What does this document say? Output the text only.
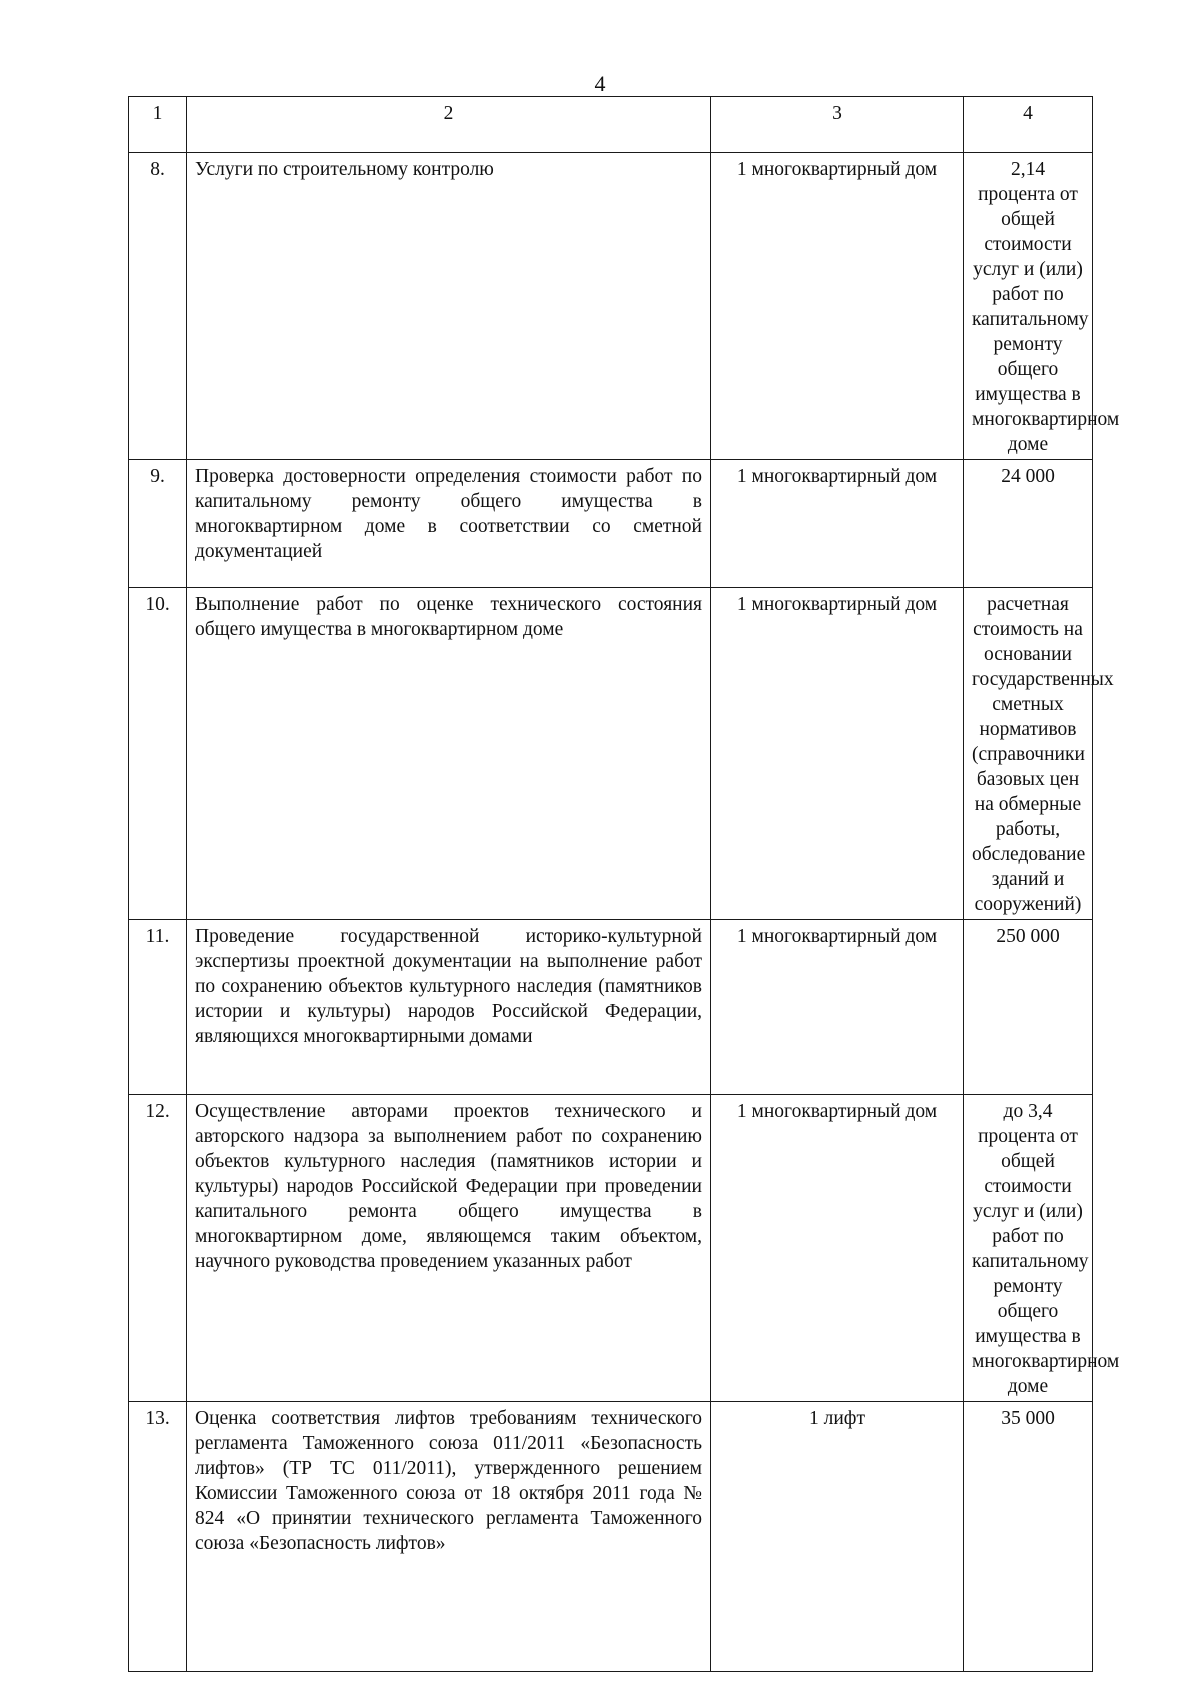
4
1	2	3	4
8.	Услуги по строительному контролю	1 многоквартирный дом	2,14 процента от общей стоимости услуг и (или) работ по капитальному ремонту общего имущества в многоквартирном доме
9.	Проверка достоверности определения стоимости работ по капитальному ремонту общего имущества в многоквартирном доме в соответствии со сметной документацией	1 многоквартирный дом	24 000
10.	Выполнение работ по оценке технического состояния общего имущества в многоквартирном доме	1 многоквартирный дом	расчетная стоимость на основании государственных сметных нормативов (справочники базовых цен на обмерные работы, обследование зданий и сооружений)
11.	Проведение государственной историко-культурной экспертизы проектной документации на выполнение работ по сохранению объектов культурного наследия (памятников истории и культуры) народов Российской Федерации, являющихся многоквартирными домами	1 многоквартирный дом	250 000
12.	Осуществление авторами проектов технического и авторского надзора за выполнением работ по сохранению объектов культурного наследия (памятников истории и культуры) народов Российской Федерации при проведении капитального ремонта общего имущества в многоквартирном доме, являющемся таким объектом, научного руководства проведением указанных работ	1 многоквартирный дом	до 3,4 процента от общей стоимости услуг и (или) работ по капитальному ремонту общего имущества в многоквартирном доме
13.	Оценка соответствия лифтов требованиям технического регламента Таможенного союза 011/2011 «Безопасность лифтов» (ТР ТС 011/2011), утвержденного решением Комиссии Таможенного союза от 18 октября 2011 года № 824 «О принятии технического регламента Таможенного союза «Безопасность лифтов»	1 лифт	35 000
